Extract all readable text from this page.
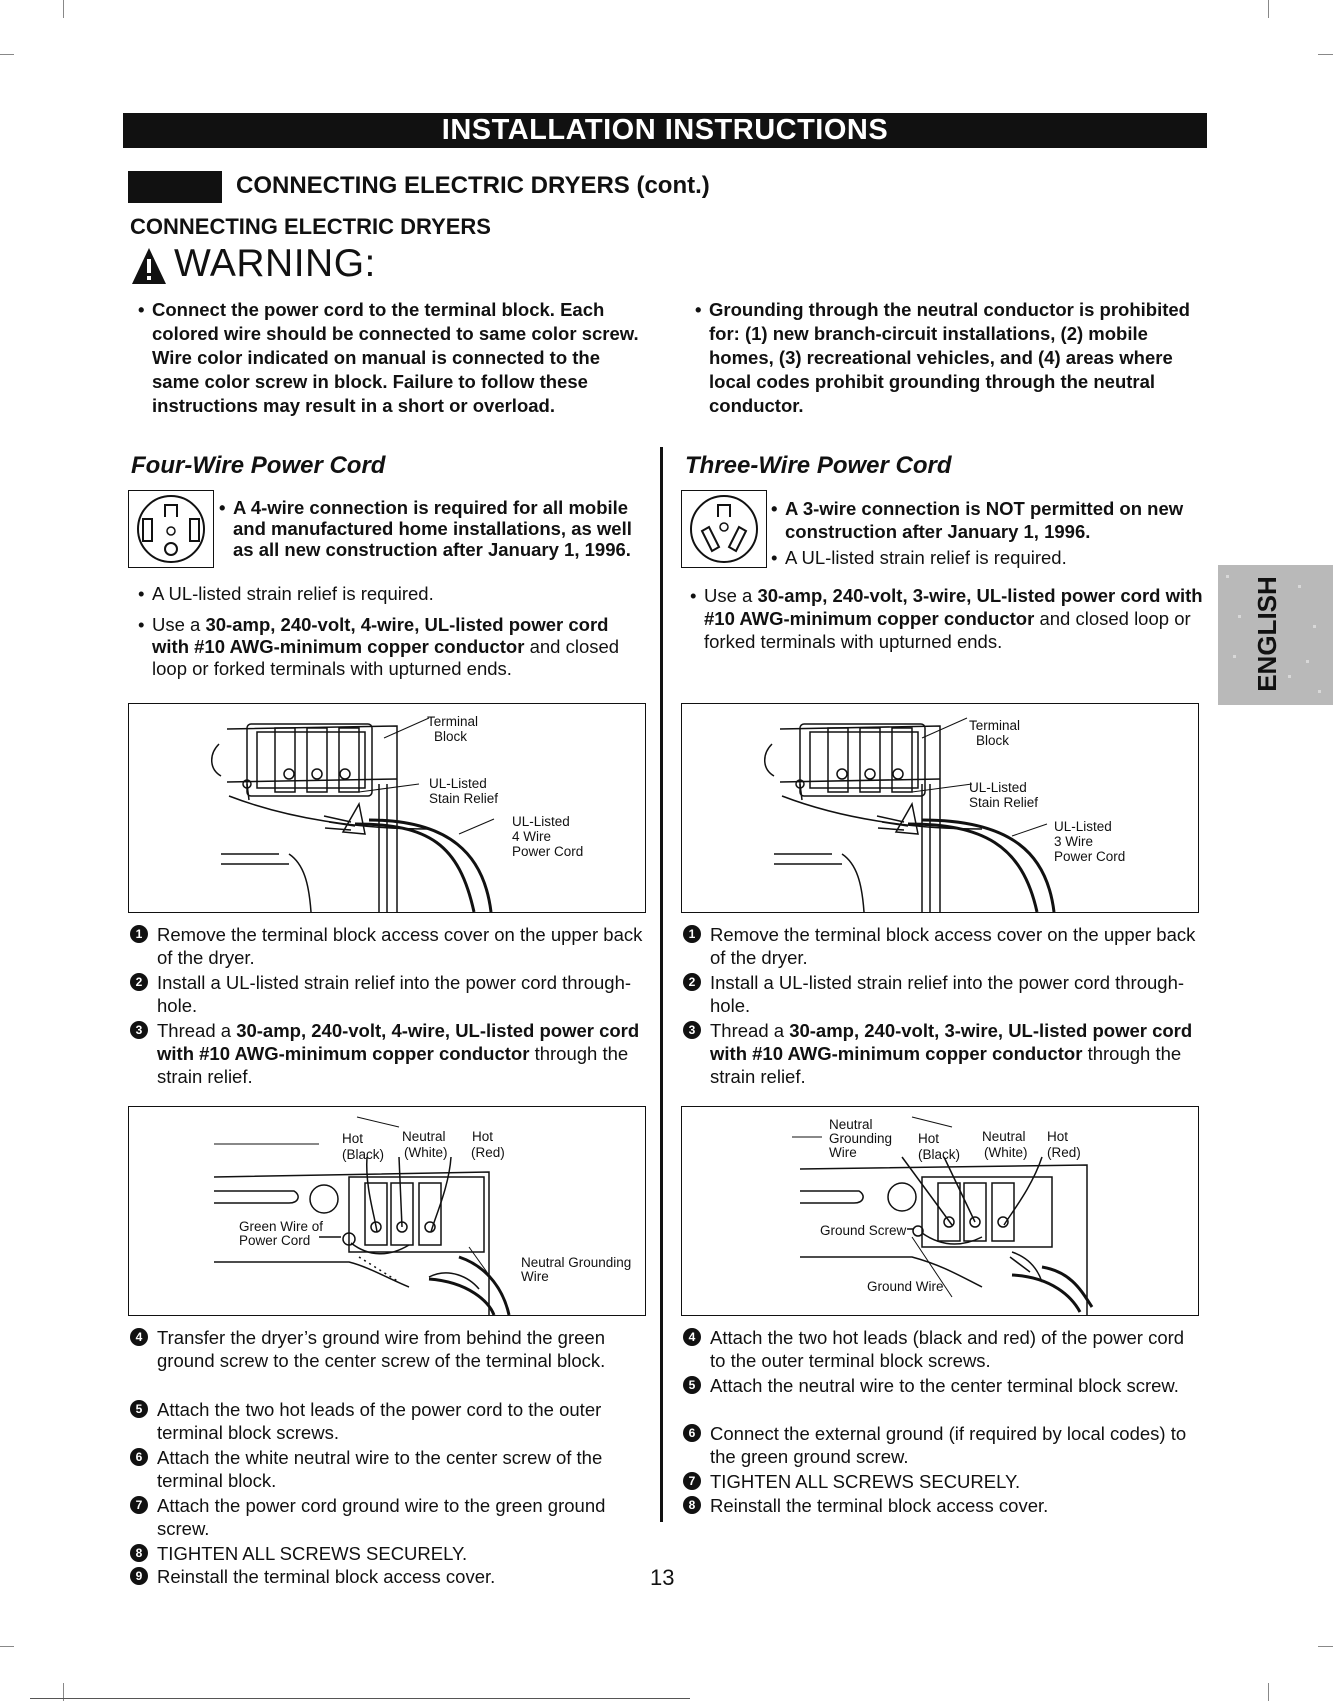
INSTALLATION INSTRUCTIONS
CONNECTING ELECTRIC DRYERS (cont.)
CONNECTING ELECTRIC DRYERS
WARNING:
• Connect the power cord to the terminal block. Each colored wire should be connected to same color screw. Wire color indicated on manual is connected to the same color screw in block. Failure to follow these instructions may result in a short or overload.
• Grounding through the neutral conductor is prohibited for: (1) new branch-circuit installations, (2) mobile homes, (3) recreational vehicles, and (4) areas where local codes prohibit grounding through the neutral conductor.
Four-Wire Power Cord
• A 4-wire connection is required for all mobile and manufactured home installations, as well as all new construction after January 1, 1996.
• A UL-listed strain relief is required.
• Use a 30-amp, 240-volt, 4-wire, UL-listed power cord with #10 AWG-minimum copper conductor and closed loop or forked terminals with upturned ends.
Terminal
Block
UL-Listed
Stain Relief
UL-Listed
4 Wire
Power Cord
1 Remove the terminal block access cover on the upper back of the dryer.
2 Install a UL-listed strain relief into the power cord through-hole.
3 Thread a 30-amp, 240-volt, 4-wire, UL-listed power cord with #10 AWG-minimum copper conductor through the strain relief.
Hot
(Black)
Neutral
(White)
Hot
(Red)
Green Wire of
Power Cord
Neutral Grounding
Wire
4 Transfer the dryer’s ground wire from behind the green ground screw to the center screw of the terminal block.
5 Attach the two hot leads of the power cord to the outer terminal block screws.
6 Attach the white neutral wire to the center screw of the terminal block.
7 Attach the power cord ground wire to the green ground screw.
8 TIGHTEN ALL SCREWS SECURELY.
9 Reinstall the terminal block access cover.
Three-Wire Power Cord
• A 3-wire connection is NOT permitted on new construction after January 1, 1996.
• A UL-listed strain relief is required.
• Use a 30-amp, 240-volt, 3-wire, UL-listed power cord with #10 AWG-minimum copper conductor and closed loop or forked terminals with upturned ends.
Terminal
Block
UL-Listed
Stain Relief
UL-Listed
3 Wire
Power Cord
1 Remove the terminal block access cover on the upper back of the dryer.
2 Install a UL-listed strain relief into the power cord through-hole.
3 Thread a 30-amp, 240-volt, 3-wire, UL-listed power cord with #10 AWG-minimum copper conductor through the strain relief.
Neutral
Grounding
Wire
Hot
(Black)
Neutral
(White)
Hot
(Red)
Ground Screw
Ground Wire
4 Attach the two hot leads (black and red) of the power cord to the outer terminal block screws.
5 Attach the neutral wire to the center terminal block screw.
6 Connect the external ground (if required by local codes) to the green ground screw.
7 TIGHTEN ALL SCREWS SECURELY.
8 Reinstall the terminal block access cover.
ENGLISH
13
